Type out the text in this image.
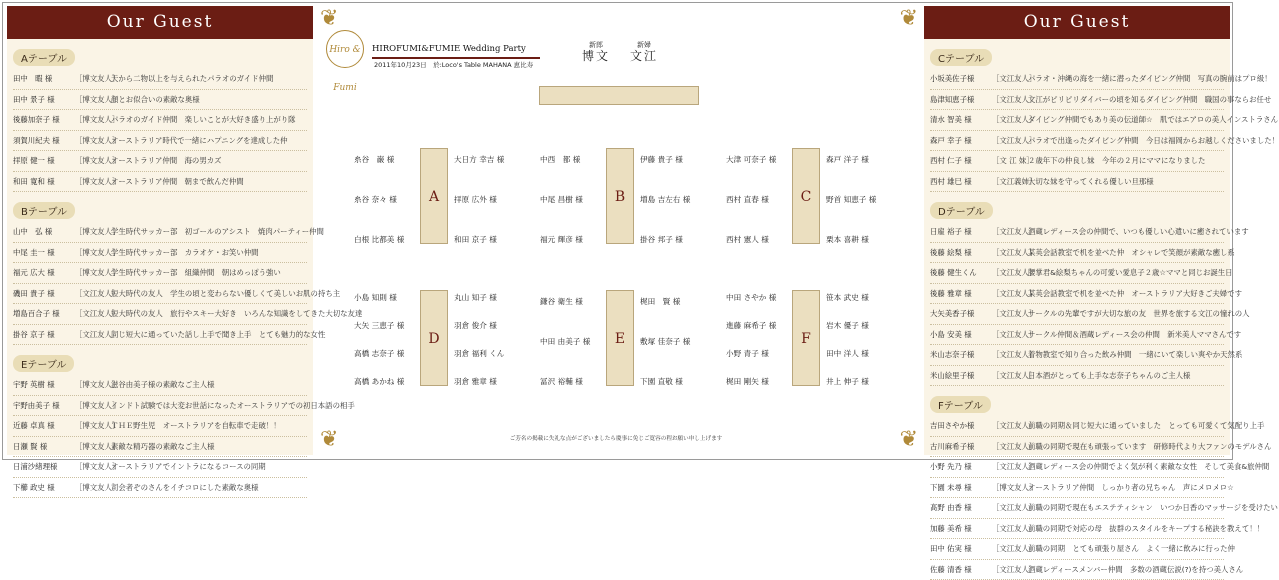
Our Guest
Aテーブル
田中　暇 様	［博文友人］天から二物以上を与えられたパラオのガイド仲間
田中 景子 様	［博文友人］顔とお似合いの素敵な奥様
後藤加奈子 様 ［博文友人］パラオのガイド仲間　楽しいことが大好き盛り上がり隊
須賀川紀夫 様 ［博文友人］オーストラリア時代で一緒にハプニングを達成した仲
拝原 健一 様	［博文友人］オーストラリア仲間　海の男カズ
和田 寛和 様	［博文友人］オーストラリア仲間　朝まで飲んだ仲間
Bテーブル
山中　弘 様	［博文友人］学生時代サッカー部　初ゴールのアシスト　焼肉パーティー仲間
中尾 圭一 様	［博文友人］学生時代サッカー部　カラオケ・お笑い仲間
福元 広大 様	［博文友人］学生時代サッカー部　組織仲間　朝はめっぽう強い
磯田 貴子 様	［文江友人］短大時代の友人　学生の頃と変わらない優しくて美しいお肌の持ち主
増島百合子 様 ［文江友人］短大時代の友人　旅行やスキー大好き　いろんな知識をしてきた大切な友達
掛谷 京子 様	［文江友人］同じ短大に通っていた話し上手で聞き上手　とても魅力的な女性
Eテーブル
宇野 英樹 様	［博文友人］滋谷由美子様の素敵なご主人様
宇野由美子 様 ［博文友人］インドト試験では大変お世話になったオーストラリアでの初日本語の相手
近藤 卓真 様	［博文友人］ＴＨＥ野生児　オーストラリアを自転車で走破！！
日瀬 賢 様	［博文友人］素敵な精巧器の素敵なご主人様
日浦沙緒理様 ［博文友人］オーストラリアでイントラになるコースの同期
下櫛 政史 様	［博文友人］司会者ぞのさんをイチコロにした素敵な奥様
❦	❦
❦	❦
Hiro & Fumi
HIROFUMI&FUMIE Wedding Party
2011年10月23日　於:Loco's Table MAHANA 恵比寿
新郎
博文
新婦
文江
糸谷　巌 様
糸谷 奈々 様
白根 比都美 様
A
大日方 幸吉 様
拝原 広外 様
和田 京子 様
中西　都 様
中尾 昌樹 様
福元 輝彦 様
B
伊藤 貴子 様
増島 吉左右 様
掛谷 邦子 様
大津 可奈子 様
西村 直春 様
西村 憲人 様
C
森戸 洋子 様
野首 知恵子 様
栗本 喜耕 様
小島 知則 様
大矢 三恵子 様
高橋 志奈子 様
高橋 あかね 様
D
丸山 知子 様
羽倉 俊介 様
羽倉 福利 くん
羽倉 雅章 様
鎌谷 衛生 様
中田 由美子 様
冨沢 裕輔 様
E
梶田　賢 様
敷塚 佳奈子 様
下園 直敬 様
中田 さやか 様
進藤 麻希子 様
小野 青子 様
梶田 剛矢 様
F
笹本 武史 様
岩木 優子 様
田中 洋人 様
井上 伸子 様
ご芳名の掲載に失礼な点がございましたら慶事に免じご寛容の程お願い申し上げます
Our Guest
Cテーブル
小坂美佐子様 ［文江友人］パラオ・沖縄の海を一緒に潜ったダイビング仲間　写真の腕前はプロ級！
島津知恵子様 ［文江友人］文江がピリピリダイバーの頃を知るダイビング仲間　職国の事ならお任せ
清水 智美 様	［文江友人］ダイビング仲間でもあり美の伝道師☆　肌ではエアロの美人インストラさん
森戸 幸子 様	［文江友人］パラオで出逢ったダイビング仲間　今日は福岡からお越しくださいました！
西村 仁子 様	［文 江 妹］２歳年下の仲良し妹　今年の２月にママになりました
西村 雄巳 様	［文江義姉］大切な妹を守ってくれる優しい旦那様
Dテーブル
日雇 裕子 様	［文江友人］酒蔵レディース会の仲間で、いつも優しい心遣いに癒されています
後藤 絵梨 様	［文江友人］某英会話教室で机を並べた仲　オシャレで笑顔が素敵な癒し系
後藤 健生くん ［文江友人］腰掌君&絵梨ちゃんの可愛い愛息子２歳☆ママと同じお誕生日
後藤 雅章 様	［文江友人］某英会話教室で机を並べた仲　オーストラリア大好きご夫婦です
大矢美香子様 ［文江友人］サークルの先輩ですが大切な旅の友　世界を旅する文江の憧れの人
小島 安美 様	［文江友人］サークル仲間＆酒蔵レディース会の仲間　新米美人ママさんです
米山志奈子様 ［文江友人］着物教室で知り合った飲み仲間　一緒にいて楽しい爽やか天然系
米山絵里子様 ［文江友人］日本酒がとっても上手な志奈子ちゃんのご主人様
Fテーブル
吉田さやか様 ［文江友人］前職の同期＆同じ短大に通っていました　とっても可愛くて気配り上手
古川麻希子様 ［文江友人］前職の同期で現在も頑張っています　研修時代より大ファンのモデルさん
小野 先乃 様	［文江友人］酒蔵レディース会の仲間でよく気が利く素敵な女性　そして美食&旅仲間
下園 未尋 様	［博文友人］オーストラリア仲間　しっかり者の兄ちゃん　声にメロメロ☆
髙野 由香 様	［文江友人］前職の同期で現在もエステティシャン　いつか日香のマッサージを受けたい
加藤 美希 様	［文江友人］前職の同期で対応の母　抜群のスタイルをキープする秘訣を教えて！！
田中 佑実 様	［文江友人］前職の同期　とても頑張り屋さん　よく一緒に飲みに行った仲
佐藤 清香 様	［文江友人］酒蔵レディースメンバー仲間　多数の酒蔵伝説(?)を持つ美人さん
